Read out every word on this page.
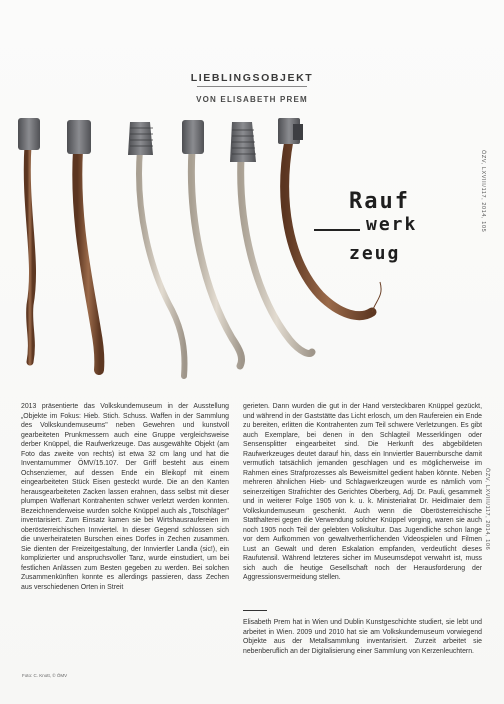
LIEBLINGSOBJEKT
VON ELISABETH PREM
Rauf
werk
zeug
ÖZV, LXVIII/117, 2014, 105
ÖZV, LXVIII/117, 2014, 106
2013 präsentierte das Volkskundemuseum in der Ausstellung „Objekte im Fokus: Hieb. Stich. Schuss. Waffen in der Sammlung des Volkskundemuseums" neben Gewehren und kunstvoll gearbeiteten Prunkmessern auch eine Gruppe vergleichsweise derber Knüppel, die Raufwerkzeuge. Das ausgewählte Objekt (am Foto das zweite von rechts) ist etwa 32 cm lang und hat die Inventarnummer ÖMV/15.107. Der Griff besteht aus einem Ochsenziemer, auf dessen Ende ein Bleikopf mit einem eingearbeiteten Stück Eisen gesteckt wurde. Die an den Kanten herausgearbeiteten Zacken lassen erahnen, dass selbst mit dieser plumpen Waffenart Kontrahenten schwer verletzt werden konnten. Bezeichnenderweise wurden solche Knüppel auch als „Totschläger" inventarisiert. Zum Einsatz kamen sie bei Wirtshausraufereien im oberösterreichischen Innviertel. In dieser Gegend schlossen sich die unverheirateten Burschen eines Dorfes in Zechen zusammen. Sie dienten der Freizeitgestaltung, der Innviertler Landla (sic!), ein komplizierter und anspruchsvoller Tanz, wurde einstudiert, um bei festlichen Anlässen zum Besten gegeben zu werden. Bei solchen Zusammenkünften konnte es allerdings passieren, dass Zechen aus verschiedenen Orten in Streit
gerieten. Dann wurden die gut in der Hand versteckbaren Knüppel gezückt, und während in der Gaststätte das Licht erlosch, um den Raufereien ein Ende zu bereiten, erlitten die Kontrahenten zum Teil schwere Verletzungen. Es gibt auch Exemplare, bei denen in den Schlagteil Messerklingen oder Sensensplitter eingearbeitet sind. Die Herkunft des abgebildeten Raufwerkzeuges deutet darauf hin, dass ein Innviertler Bauernbursche damit vermutlich tatsächlich jemanden geschlagen und es möglicherweise im Rahmen eines Strafprozesses als Beweismittel gedient haben könnte. Neben mehreren ähnlichen Hieb- und Schlagwerkzeugen wurde es nämlich vom seinerzeitigen Strafrichter des Gerichtes Oberberg, Adj. Dr. Pauli, gesammelt und in weiterer Folge 1905 von k. u. k. Ministerialrat Dr. Heidlmaier dem Volkskundemuseum geschenkt. Auch wenn die Oberösterreichische Statthalterei gegen die Verwendung solcher Knüppel vorging, waren sie auch noch 1905 noch Teil der gelebten Volkskultur. Das Jugendliche schon lange vor dem Aufkommen von gewaltverherrlichenden Videospielen und Filmen Lust an Gewalt und deren Eskalation empfanden, verdeutlicht dieses Raufutensil. Während letzteres sicher im Museumsdepot verwahrt ist, muss sich auch die heutige Gesellschaft noch der Herausforderung der Aggressionsvermeidung stellen.
Elisabeth Prem hat in Wien und Dublin Kunstgeschichte studiert, sie lebt und arbeitet in Wien. 2009 und 2010 hat sie am Volkskundemuseum vorwiegend Objekte aus der Metallsammlung inventarisiert. Zurzeit arbeitet sie nebenberuflich an der Digitalisierung einer Sammlung von Kerzenleuchtern.
Foto: C. Knott, © ÖMV
